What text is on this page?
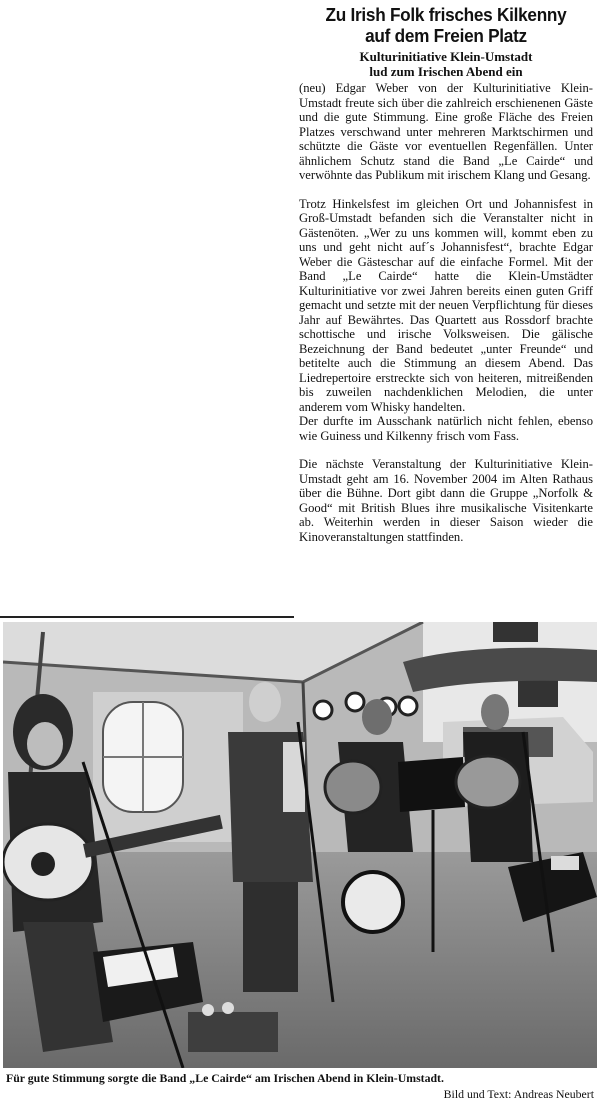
Zu Irish Folk frisches Kilkenny
auf dem Freien Platz
Kulturinitiative Klein-Umstadt
lud zum Irischen Abend ein

(neu) Edgar Weber von der Kulturinitiative Klein-Umstadt freute sich über die zahlreich erschienenen Gäste und die gute Stimmung. Eine große Fläche des Freien Platzes verschwand unter mehreren Marktschirmen und schützte die Gäste vor eventuellen Regenfällen. Unter ähnlichem Schutz stand die Band „Le Cairde“ und verwöhnte das Publikum mit irischem Klang und Gesang.

Trotz Hinkelsfest im gleichen Ort und Johannisfest in Groß-Umstadt befanden sich die Veranstalter nicht in Gästenöten. „Wer zu uns kommen will, kommt eben zu uns und geht nicht auf´s Johannisfest“, brachte Edgar Weber die Gästeschar auf die einfache Formel. Mit der Band „Le Cairde“ hatte die Klein-Umstädter Kulturinitiative vor zwei Jahren bereits einen guten Griff gemacht und setzte mit der neuen Verpflichtung für dieses Jahr auf Bewährtes. Das Quartett aus Rossdorf brachte schottische und irische Volksweisen. Die gälische Bezeichnung der Band bedeutet „unter Freunde“ und betitelte auch die Stimmung an diesem Abend. Das Liedrepertoire erstreckte sich von heiteren, mitreißenden bis zuweilen nachdenklichen Melodien, die unter anderem vom Whisky handelten.

Der durfte im Ausschank natürlich nicht fehlen, ebenso wie Guiness und Kilkenny frisch vom Fass.

Die nächste Veranstaltung der Kulturinitiative Klein-Umstadt geht am 16. November 2004 im Alten Rathaus über die Bühne. Dort gibt dann die Gruppe „Norfolk & Good“ mit British Blues ihre musikalische Visitenkarte ab. Weiterhin werden in dieser Saison wieder die Kinoveranstaltungen stattfinden.

Für gute Stimmung sorgte die Band „Le Cairde“ am Irischen Abend in Klein-Umstadt.

Bild und Text: Andreas Neubert
